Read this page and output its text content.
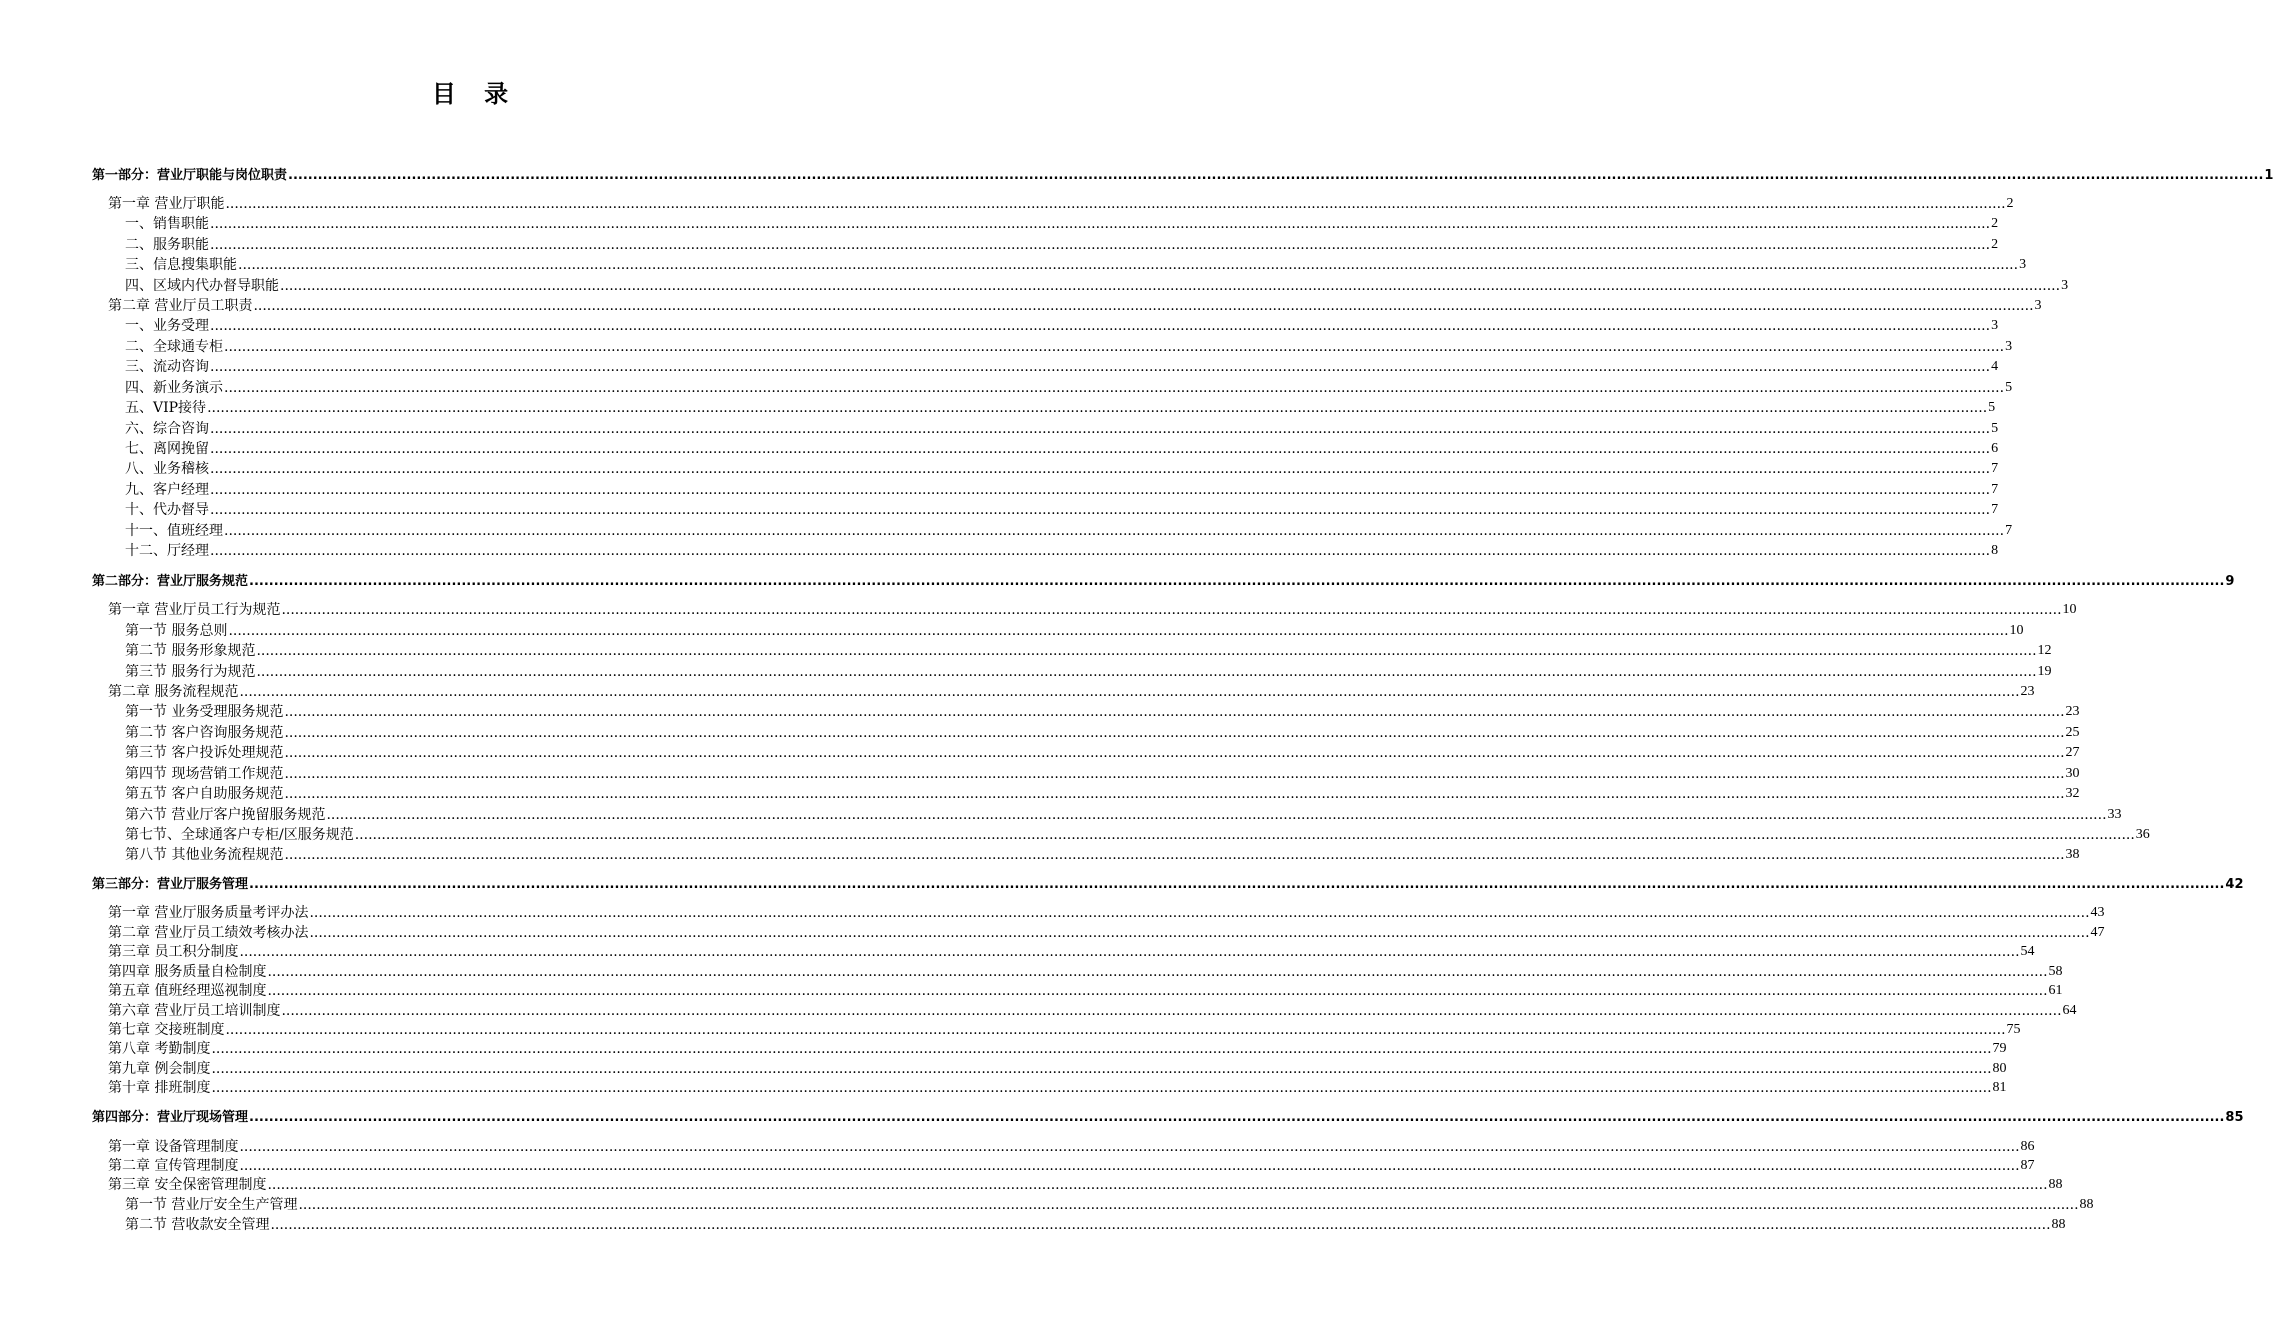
目 录
第一部分：营业厅职能与岗位职责 ................................................................................................................................................................................................................................................................................................................................................................................................................ 1
第一章 营业厅职能 ................................................................................................................................................................................................................................................................................................................................................................................................................ 2
一、销售职能 ................................................................................................................................................................................................................................................................................................................................................................................................................ 2
二、服务职能 ................................................................................................................................................................................................................................................................................................................................................................................................................ 2
三、信息搜集职能 ................................................................................................................................................................................................................................................................................................................................................................................................................ 3
四、区域内代办督导职能 ................................................................................................................................................................................................................................................................................................................................................................................................................ 3
第二章 营业厅员工职责 ................................................................................................................................................................................................................................................................................................................................................................................................................ 3
一、业务受理 ................................................................................................................................................................................................................................................................................................................................................................................................................ 3
二、全球通专柜 ................................................................................................................................................................................................................................................................................................................................................................................................................ 3
三、流动咨询 ................................................................................................................................................................................................................................................................................................................................................................................................................ 4
四、新业务演示 ................................................................................................................................................................................................................................................................................................................................................................................................................ 5
五、VIP接待 ................................................................................................................................................................................................................................................................................................................................................................................................................ 5
六、综合咨询 ................................................................................................................................................................................................................................................................................................................................................................................................................ 5
七、离网挽留 ................................................................................................................................................................................................................................................................................................................................................................................................................ 6
八、业务稽核 ................................................................................................................................................................................................................................................................................................................................................................................................................ 7
九、客户经理 ................................................................................................................................................................................................................................................................................................................................................................................................................ 7
十、代办督导 ................................................................................................................................................................................................................................................................................................................................................................................................................ 7
十一、值班经理 ................................................................................................................................................................................................................................................................................................................................................................................................................ 7
十二、厅经理 ................................................................................................................................................................................................................................................................................................................................................................................................................ 8
第二部分：营业厅服务规范 ................................................................................................................................................................................................................................................................................................................................................................................................................ 9
第一章 营业厅员工行为规范 ................................................................................................................................................................................................................................................................................................................................................................................................................ 10
第一节 服务总则 ................................................................................................................................................................................................................................................................................................................................................................................................................ 10
第二节 服务形象规范 ................................................................................................................................................................................................................................................................................................................................................................................................................ 12
第三节 服务行为规范 ................................................................................................................................................................................................................................................................................................................................................................................................................ 19
第二章 服务流程规范 ................................................................................................................................................................................................................................................................................................................................................................................................................ 23
第一节 业务受理服务规范 ................................................................................................................................................................................................................................................................................................................................................................................................................ 23
第二节 客户咨询服务规范 ................................................................................................................................................................................................................................................................................................................................................................................................................ 25
第三节 客户投诉处理规范 ................................................................................................................................................................................................................................................................................................................................................................................................................ 27
第四节 现场营销工作规范 ................................................................................................................................................................................................................................................................................................................................................................................................................ 30
第五节 客户自助服务规范 ................................................................................................................................................................................................................................................................................................................................................................................................................ 32
第六节 营业厅客户挽留服务规范 ................................................................................................................................................................................................................................................................................................................................................................................................................ 33
第七节、全球通客户专柜/区服务规范 ................................................................................................................................................................................................................................................................................................................................................................................................................ 36
第八节 其他业务流程规范 ................................................................................................................................................................................................................................................................................................................................................................................................................ 38
第三部分：营业厅服务管理 ................................................................................................................................................................................................................................................................................................................................................................................................................ 42
第一章 营业厅服务质量考评办法 ................................................................................................................................................................................................................................................................................................................................................................................................................ 43
第二章 营业厅员工绩效考核办法 ................................................................................................................................................................................................................................................................................................................................................................................................................ 47
第三章 员工积分制度 ................................................................................................................................................................................................................................................................................................................................................................................................................ 54
第四章 服务质量自检制度 ................................................................................................................................................................................................................................................................................................................................................................................................................ 58
第五章 值班经理巡视制度 ................................................................................................................................................................................................................................................................................................................................................................................................................ 61
第六章 营业厅员工培训制度 ................................................................................................................................................................................................................................................................................................................................................................................................................ 64
第七章 交接班制度 ................................................................................................................................................................................................................................................................................................................................................................................................................ 75
第八章 考勤制度 ................................................................................................................................................................................................................................................................................................................................................................................................................ 79
第九章 例会制度 ................................................................................................................................................................................................................................................................................................................................................................................................................ 80
第十章 排班制度 ................................................................................................................................................................................................................................................................................................................................................................................................................ 81
第四部分：营业厅现场管理 ................................................................................................................................................................................................................................................................................................................................................................................................................ 85
第一章 设备管理制度 ................................................................................................................................................................................................................................................................................................................................................................................................................ 86
第二章 宣传管理制度 ................................................................................................................................................................................................................................................................................................................................................................................................................ 87
第三章 安全保密管理制度 ................................................................................................................................................................................................................................................................................................................................................................................................................ 88
第一节 营业厅安全生产管理 ................................................................................................................................................................................................................................................................................................................................................................................................................ 88
第二节 营收款安全管理 ................................................................................................................................................................................................................................................................................................................................................................................................................ 88
